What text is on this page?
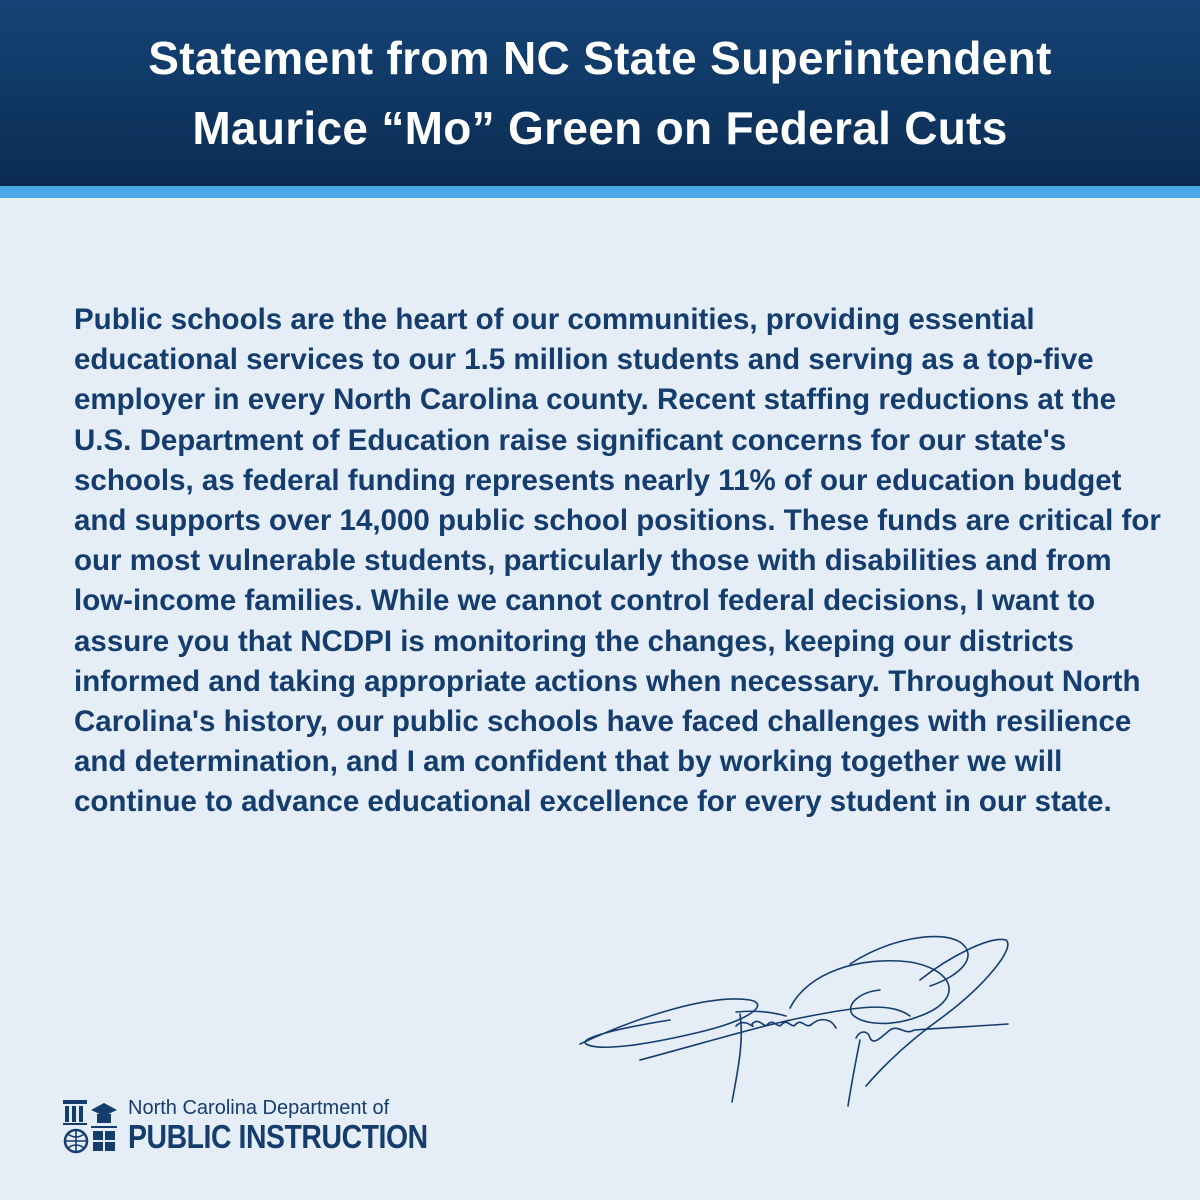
Statement from NC State Superintendent
Maurice “Mo” Green on Federal Cuts

Public schools are the heart of our communities, providing essential educational services to our 1.5 million students and serving as a top-five employer in every North Carolina county. Recent staffing reductions at the U.S. Department of Education raise significant concerns for our state's schools, as federal funding represents nearly 11% of our education budget and supports over 14,000 public school positions. These funds are critical for our most vulnerable students, particularly those with disabilities and from low-income families. While we cannot control federal decisions, I want to assure you that NCDPI is monitoring the changes, keeping our districts informed and taking appropriate actions when necessary. Throughout North Carolina's history, our public schools have faced challenges with resilience and determination, and I am confident that by working together we will continue to advance educational excellence for every student in our state.

North Carolina Department of
PUBLIC INSTRUCTION
